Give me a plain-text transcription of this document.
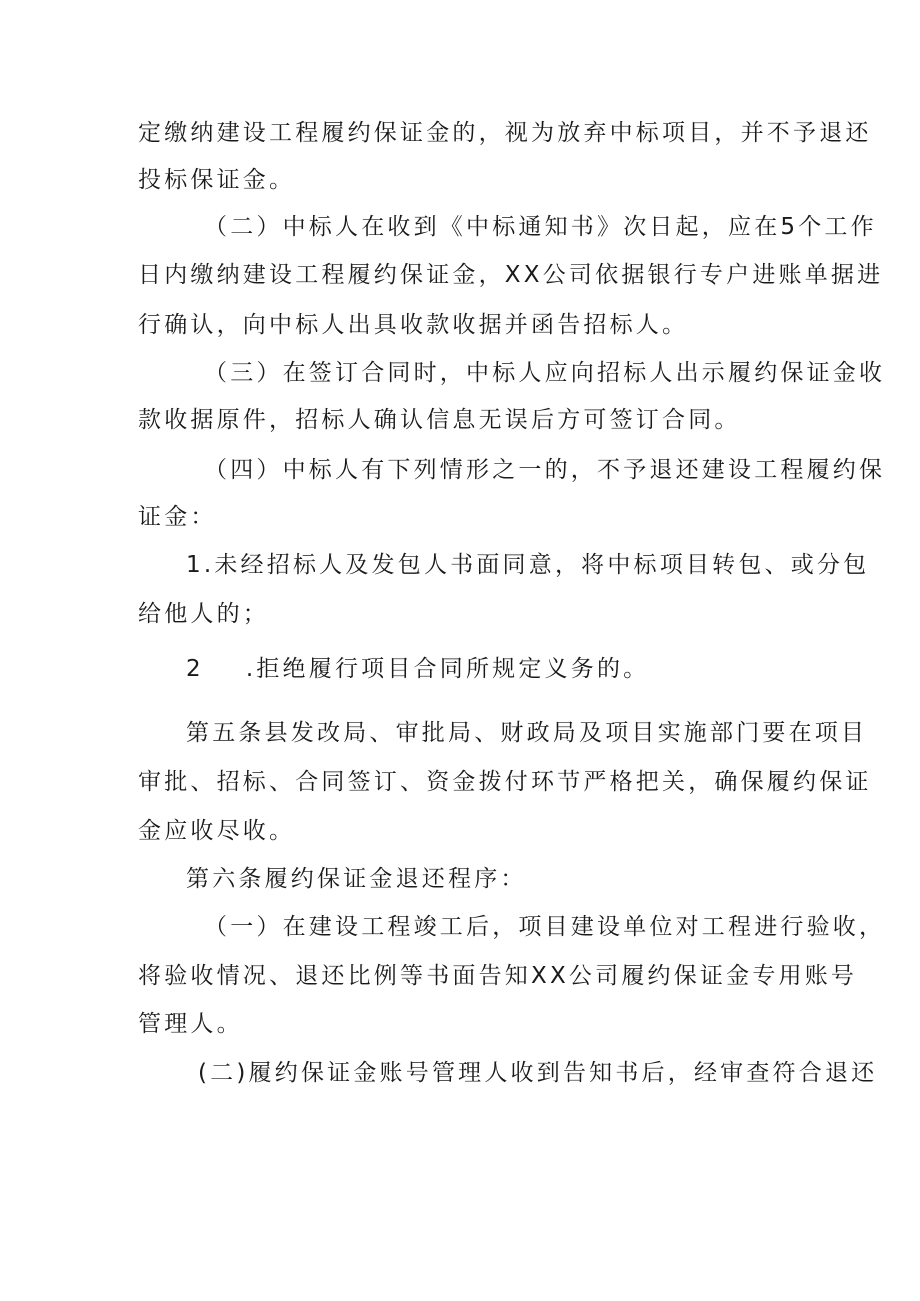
定缴纳建设工程履约保证金的，视为放弃中标项目，并不予退还
投标保证金。
（二）中标人在收到《中标通知书》次日起，应在5个工作
日内缴纳建设工程履约保证金，XX公司依据银行专户进账单据进
行确认，向中标人出具收款收据并函告招标人。
（三）在签订合同时，中标人应向招标人出示履约保证金收
款收据原件，招标人确认信息无误后方可签订合同。
（四）中标人有下列情形之一的，不予退还建设工程履约保
证金：
1.未经招标人及发包人书面同意，将中标项目转包、或分包
给他人的；
2 .拒绝履行项目合同所规定义务的。
第五条县发改局、审批局、财政局及项目实施部门要在项目
审批、招标、合同签订、资金拨付环节严格把关，确保履约保证
金应收尽收。
第六条履约保证金退还程序：
（一）在建设工程竣工后，项目建设单位对工程进行验收，
将验收情况、退还比例等书面告知XX公司履约保证金专用账号
管理人。
(二)履约保证金账号管理人收到告知书后，经审查符合退还
